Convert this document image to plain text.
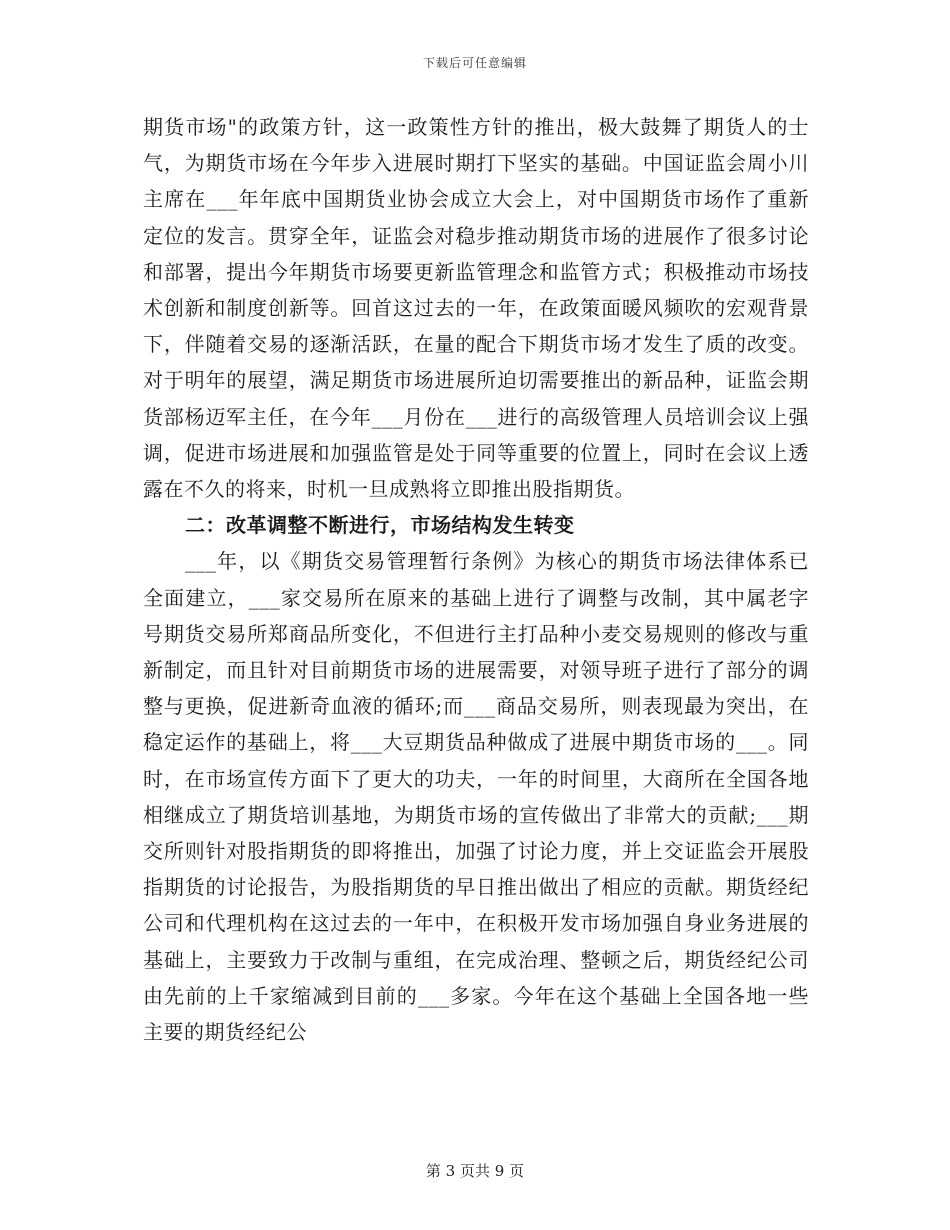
下载后可任意编辑

期货市场"的政策方针，这一政策性方针的推出，极大鼓舞了期货人的士气，为期货市场在今年步入进展时期打下坚实的基础。中国证监会周小川主席在___年年底中国期货业协会成立大会上，对中国期货市场作了重新定位的发言。贯穿全年，证监会对稳步推动期货市场的进展作了很多讨论和部署，提出今年期货市场要更新监管理念和监管方式；积极推动市场技术创新和制度创新等。回首这过去的一年，在政策面暖风频吹的宏观背景下，伴随着交易的逐渐活跃，在量的配合下期货市场才发生了质的改变。对于明年的展望，满足期货市场进展所迫切需要推出的新品种，证监会期货部杨迈军主任，在今年___月份在___进行的高级管理人员培训会议上强调，促进市场进展和加强监管是处于同等重要的位置上，同时在会议上透露在不久的将来，时机一旦成熟将立即推出股指期货。

二：改革调整不断进行，市场结构发生转变

___年，以《期货交易管理暂行条例》为核心的期货市场法律体系已全面建立，___家交易所在原来的基础上进行了调整与改制，其中属老字号期货交易所郑商品所变化，不但进行主打品种小麦交易规则的修改与重新制定，而且针对目前期货市场的进展需要，对领导班子进行了部分的调整与更换，促进新奇血液的循环;而___商品交易所，则表现最为突出，在稳定运作的基础上，将___大豆期货品种做成了进展中期货市场的___。同时，在市场宣传方面下了更大的功夫，一年的时间里，大商所在全国各地相继成立了期货培训基地，为期货市场的宣传做出了非常大的贡献;___期交所则针对股指期货的即将推出，加强了讨论力度，并上交证监会开展股指期货的讨论报告，为股指期货的早日推出做出了相应的贡献。期货经纪公司和代理机构在这过去的一年中，在积极开发市场加强自身业务进展的基础上，主要致力于改制与重组，在完成治理、整顿之后，期货经纪公司由先前的上千家缩减到目前的___多家。今年在这个基础上全国各地一些主要的期货经纪公

第 3 页共 9 页
